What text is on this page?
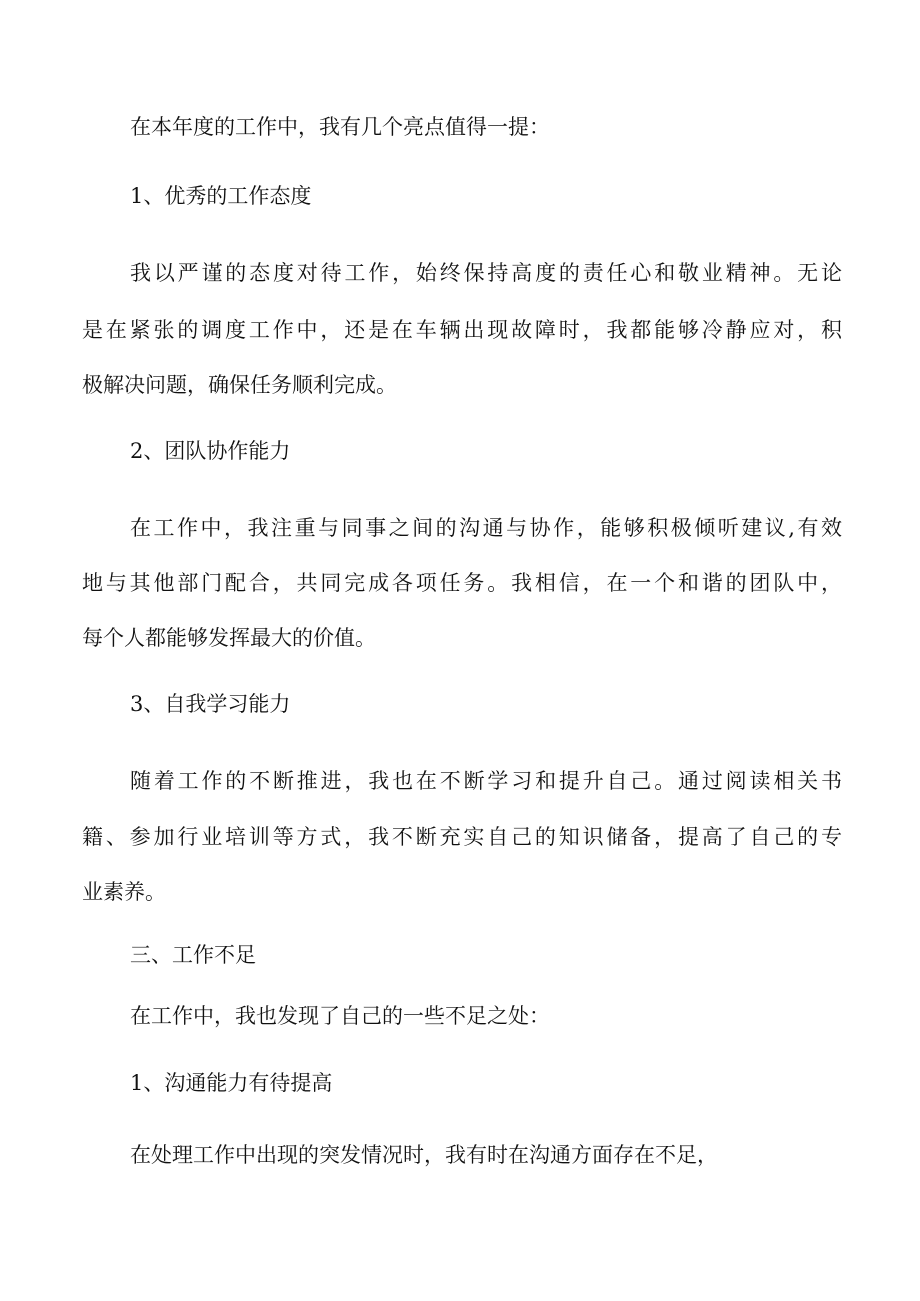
在本年度的工作中，我有几个亮点值得一提：
1、优秀的工作态度
我以严谨的态度对待工作，始终保持高度的责任心和敬业精神。无论
是在紧张的调度工作中，还是在车辆出现故障时，我都能够冷静应对，积
极解决问题，确保任务顺利完成。
2、团队协作能力
在工作中，我注重与同事之间的沟通与协作，能够积极倾听建议,有效
地与其他部门配合，共同完成各项任务。我相信，在一个和谐的团队中，
每个人都能够发挥最大的价值。
3、自我学习能力
随着工作的不断推进，我也在不断学习和提升自己。通过阅读相关书
籍、参加行业培训等方式，我不断充实自己的知识储备，提高了自己的专
业素养。
三、工作不足
在工作中，我也发现了自己的一些不足之处：
1、沟通能力有待提高
在处理工作中出现的突发情况时，我有时在沟通方面存在不足，
